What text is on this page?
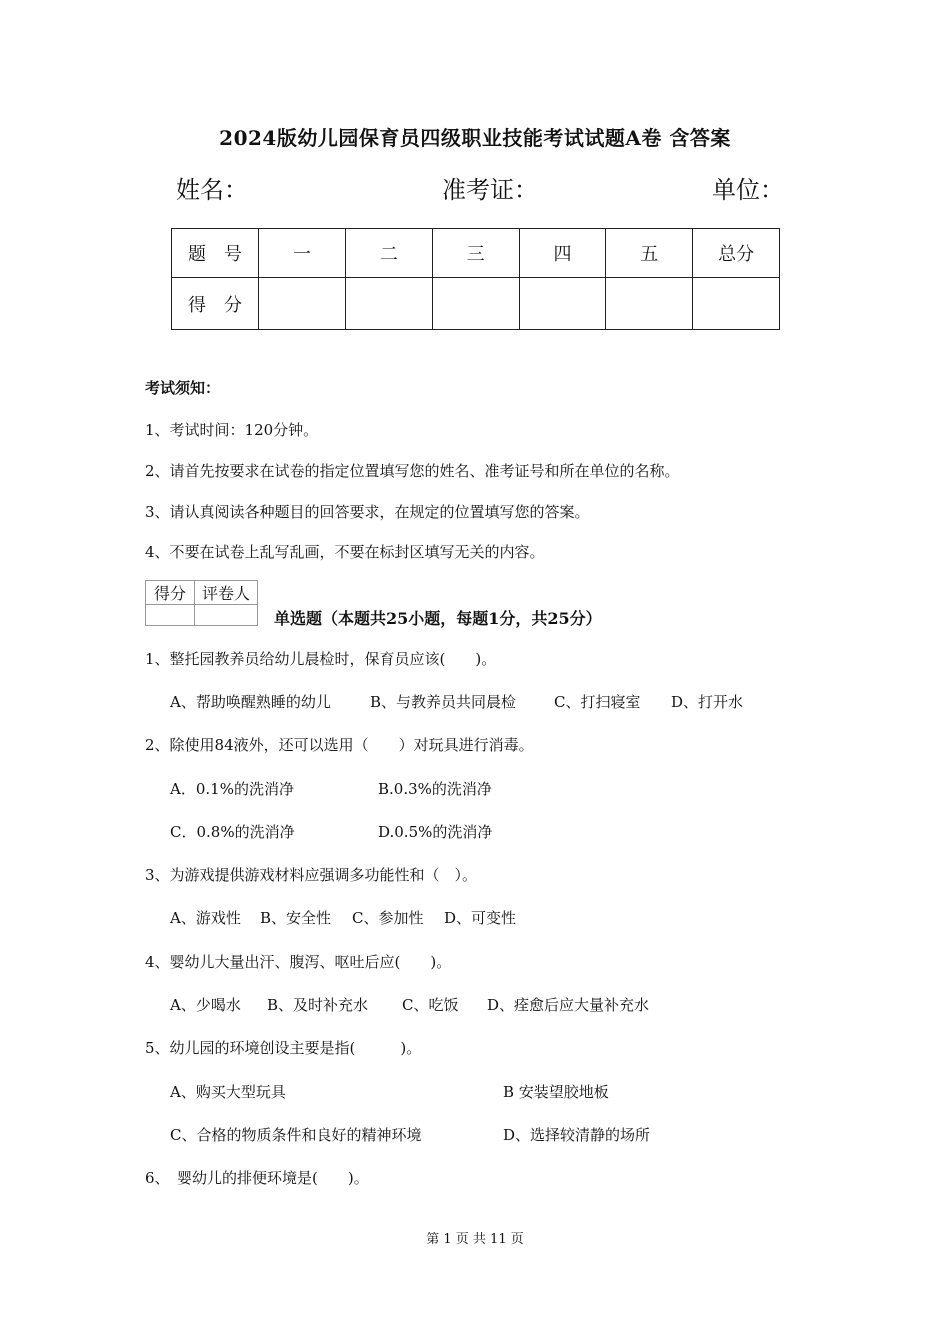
2024版幼儿园保育员四级职业技能考试试题A卷 含答案
姓名：	准考证：	单位：
题　号	一	二	三	四	五	总分
得　分						
考试须知：
1、考试时间：120分钟。
2、请首先按要求在试卷的指定位置填写您的姓名、准考证号和所在单位的名称。
3、请认真阅读各种题目的回答要求，在规定的位置填写您的答案。
4、不要在试卷上乱写乱画，不要在标封区填写无关的内容。
得分	评卷人

单选题（本题共25小题，每题1分，共25分）
1、整托园教养员给幼儿晨检时，保育员应该(　　)。
A、帮助唤醒熟睡的幼儿	B、与教养员共同晨检	C、打扫寝室 D、打开水
2、除使用84液外，还可以选用（　　）对玩具进行消毒。
A．0.1%的洗消净	B.0.3%的洗消净
C．0.8%的洗消净	D.0.5%的洗消净
3、为游戏提供游戏材料应强调多功能性和（　）。
A、游戏性 B、安全性 C、参加性 D、可变性
4、婴幼儿大量出汗、腹泻、呕吐后应(　　)。
A、少喝水 B、及时补充水 C、吃饭 D、痊愈后应大量补充水
5、幼儿园的环境创设主要是指(　　　)。
A、购买大型玩具	B 安装望胶地板
C、合格的物质条件和良好的精神环境	D、选择较清静的场所
6、　婴幼儿的排便环境是(　　)。
第 1 页 共 11 页
